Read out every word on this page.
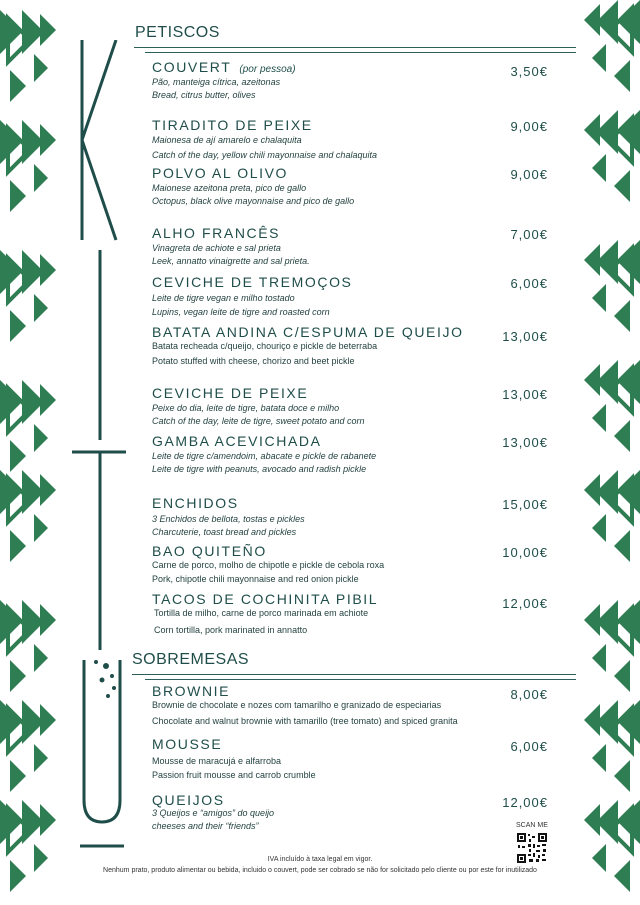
PETISCOS
COUVERT (por pessoa)	3,50€
Pão, manteiga cítrica, azeitonas
Bread, citrus butter, olives
TIRADITO DE PEIXE	9,00€
Maionesa de ají amarelo e chalaquita
Catch of the day, yellow chili mayonnaise and chalaquita
POLVO AL OLIVO	9,00€
Maionese azeitona preta, pico de gallo
Octopus, black olive mayonnaise and pico de gallo
ALHO FRANCÊS	7,00€
Vinagreta de achiote e sal prieta
Leek, annatto vinaigrette and sal prieta.
CEVICHE DE TREMOÇOS	6,00€
Leite de tigre vegan e milho tostado
Lupins, vegan leite de tigre and roasted corn
BATATA ANDINA C/ESPUMA DE QUEIJO	13,00€
Batata recheada c/queijo, chouriço e pickle de beterraba
Potato stuffed with cheese, chorizo and beet pickle
CEVICHE DE PEIXE	13,00€
Peixe do dia, leite de tigre, batata doce e milho
Catch of the day, leite de tigre, sweet potato and corn
GAMBA ACEVICHADA	13,00€
Leite de tigre c/amendoim, abacate e pickle de rabanete
Leite de tigre with peanuts, avocado and radish pickle
ENCHIDOS	15,00€
3 Enchidos de bellota, tostas e pickles
Charcuterie, toast bread and pickles
BAO QUITEÑO	10,00€
Carne de porco, molho de chipotle e pickle de cebola roxa
Pork, chipotle chili mayonnaise and red onion pickle
TACOS DE COCHINITA PIBIL	12,00€
Tortilla de milho, carne de porco marinada em achiote
Corn tortilla, pork marinated in annatto
SOBREMESAS
BROWNIE	8,00€
Brownie de chocolate e nozes com tamarilho e granizado de especiarias
Chocolate and walnut brownie with tamarillo (tree tomato) and spiced granita
MOUSSE	6,00€
Mousse de maracujá e alfarroba
Passion fruit mousse and carrob crumble
QUEIJOS	12,00€
3 Queijos e “amigos” do queijo
cheeses and their “friends”	SCAN ME
IVA incluído à taxa legal em vigor.
Nenhum prato, produto alimentar ou bebida, incluido o couvert, pode ser cobrado se não for solicitado pelo cliente ou por este for inutilizado
